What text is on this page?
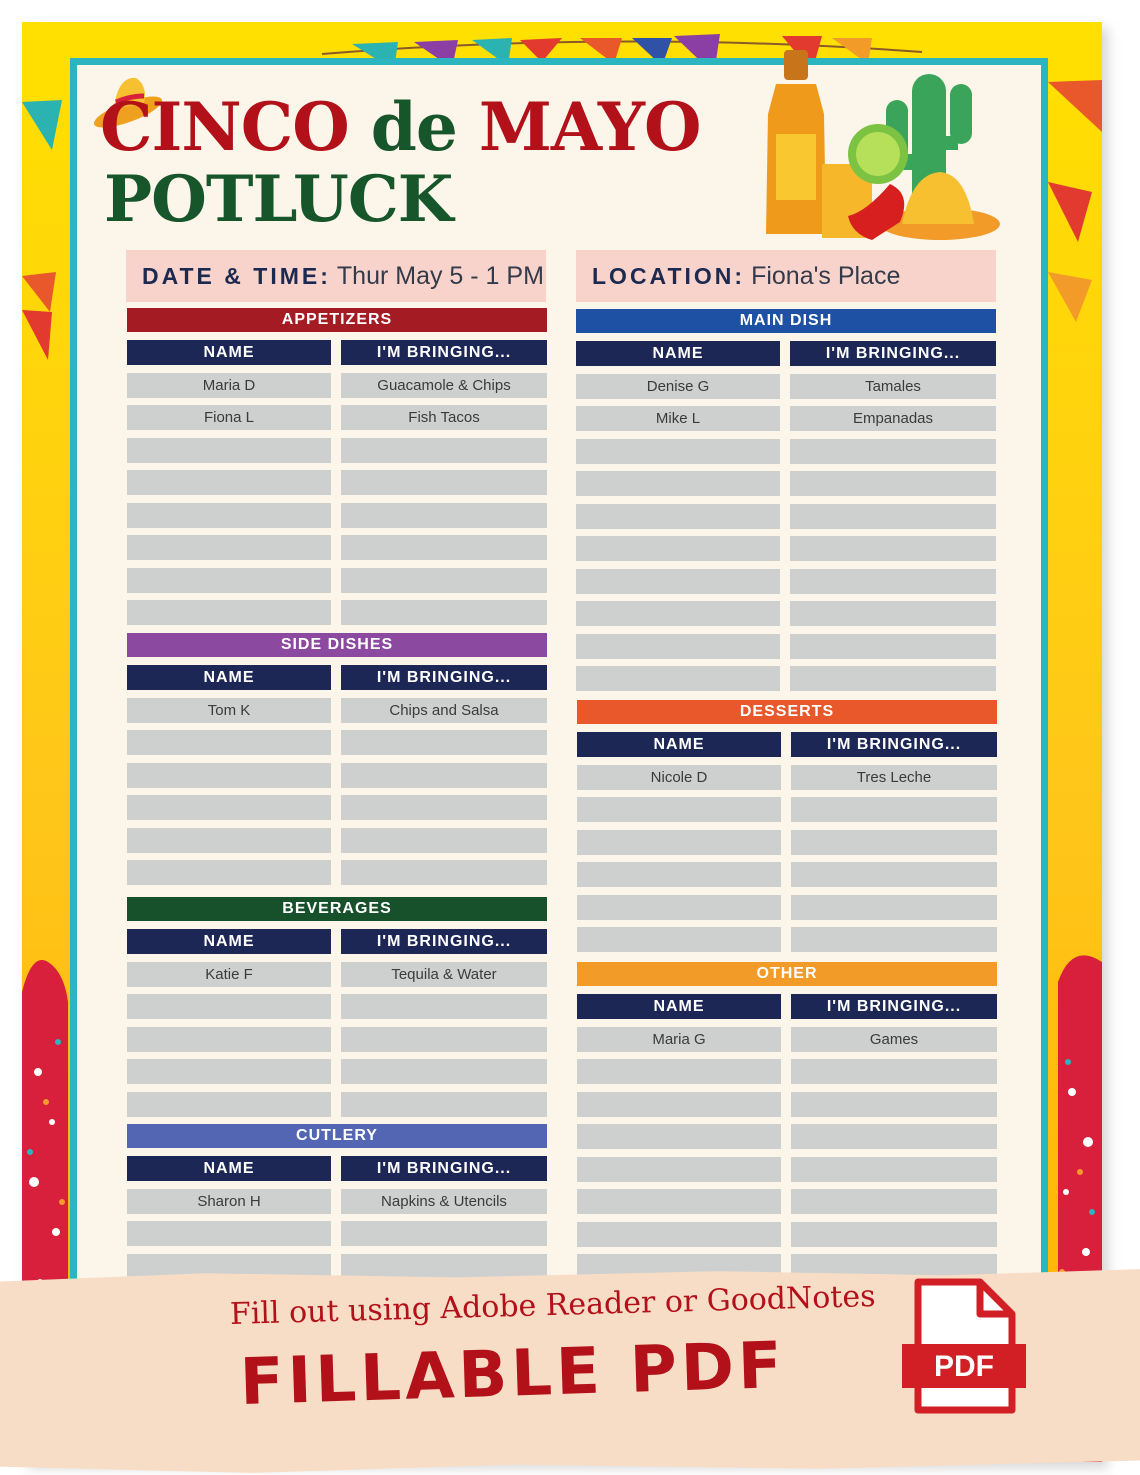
CINCO de MAYO
POTLUCK
DATE & TIME: Thur May 5 - 1 PM LOCATION: Fiona's Place
APPETIZERS
NAME
Maria D
Fiona L
I'M BRINGING...
Guacamole & Chips
Fish Tacos
SIDE DISHES
NAME
Tom K
I'M BRINGING...
Chips and Salsa
BEVERAGES
NAME
Katie F
I'M BRINGING...
Tequila & Water
CUTLERY
NAME
Sharon H
I'M BRINGING...
Napkins & Utencils
MAIN DISH
NAME
Denise G
Mike L
I'M BRINGING...
Tamales
Empanadas
DESSERTS
NAME
Nicole D
I'M BRINGING...
Tres Leche
OTHER
NAME
Maria G
I'M BRINGING...
Games
Fill out using Adobe Reader or GoodNotes
FILLABLE PDF	PDF
